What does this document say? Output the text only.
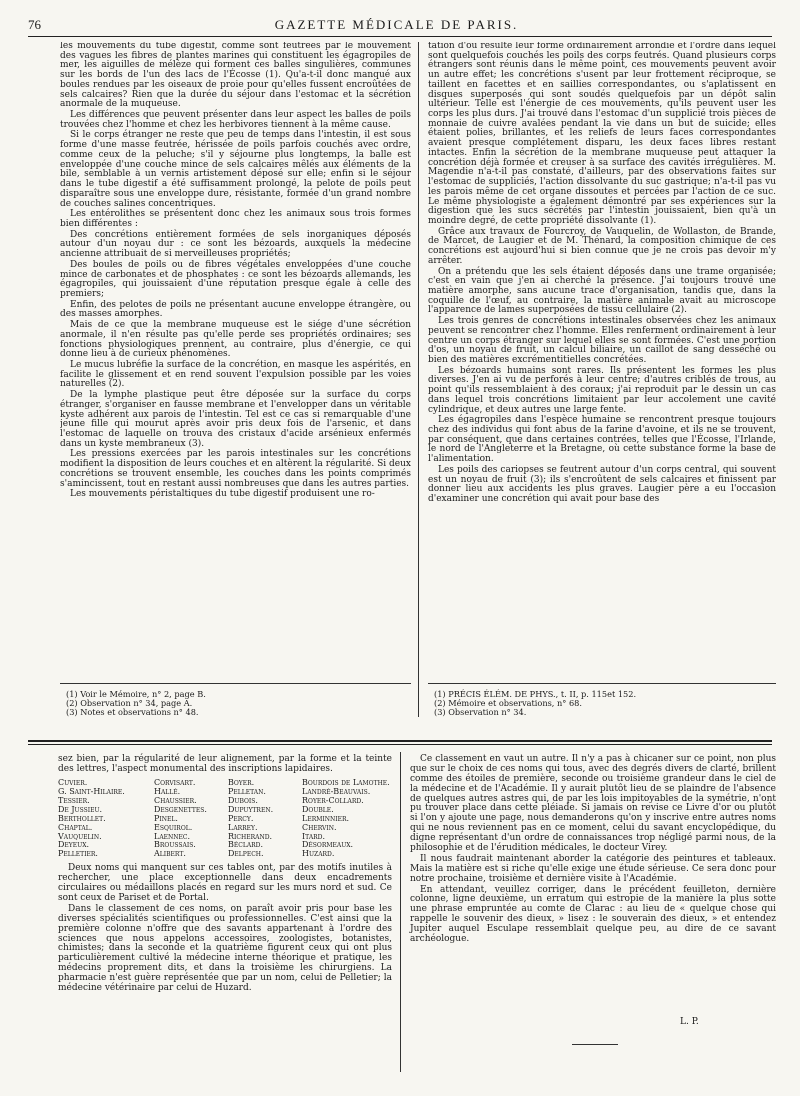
76	GAZETTE MÉDICALE DE PARIS.

les mouvements du tube digestif, comme sont feutrées par le mouvement des vagues les fibres de plantes marines qui constituent les égagropiles de mer, les aiguilles de mélèze qui forment ces balles singulières, communes sur les bords de l'un des lacs de l'Écosse (1). Qu'a-t-il donc manqué aux boules rendues par les oiseaux de proie pour qu'elles fussent encroûtées de sels calcaires? Rien que la durée du séjour dans l'estomac et la sécrétion anormale de la muqueuse.

Les différences que peuvent présenter dans leur aspect les balles de poils trouvées chez l'homme et chez les herbivores tiennent à la même cause.

Si le corps étranger ne reste que peu de temps dans l'intestin, il est sous forme d'une masse feutrée, hérissée de poils parfois couchés avec ordre, comme ceux de la peluche; s'il y séjourne plus longtemps, la balle est enveloppée d'une couche mince de sels calcaires mêlés aux éléments de la bile, semblable à un vernis artistement déposé sur elle; enfin si le séjour dans le tube digestif a été suffisamment prolongé, la pelote de poils peut disparaître sous une enveloppe dure, résistante, formée d'un grand nombre de couches salines concentriques.

Les entérolithes se présentent donc chez les animaux sous trois formes bien différentes :

Des concrétions entièrement formées de sels inorganiques déposés autour d'un noyau dur : ce sont les bézoards, auxquels la médecine ancienne attribuait de si merveilleuses propriétés;

Des boules de poils ou de fibres végétales enveloppées d'une couche mince de carbonates et de phosphates : ce sont les bézoards allemands, les égagropiles, qui jouissaient d'une réputation presque égale à celle des premiers;

Enfin, des pelotes de poils ne présentant aucune enveloppe étrangère, ou des masses amorphes.

Mais de ce que la membrane muqueuse est le siége d'une sécrétion anormale, il n'en résulte pas qu'elle perde ses propriétés ordinaires; ses fonctions physiologiques prennent, au contraire, plus d'énergie, ce qui donne lieu à de curieux phénomènes.

Le mucus lubréfie la surface de la concrétion, en masque les aspérités, en facilite le glissement et en rend souvent l'expulsion possible par les voies naturelles (2).

De la lymphe plastique peut être déposée sur la surface du corps étranger, s'organiser en fausse membrane et l'envelopper dans un véritable kyste adhérent aux parois de l'intestin. Tel est ce cas si remarquable d'une jeune fille qui mourut après avoir pris deux fois de l'arsenic, et dans l'estomac de laquelle on trouva des cristaux d'acide arsénieux enfermés dans un kyste membraneux (3).

Les pressions exercées par les parois intestinales sur les concrétions modifient la disposition de leurs couches et en altèrent la régularité. Si deux concrétions se trouvent ensemble, les couches dans les points comprimés s'amincissent, tout en restant aussi nombreuses que dans les autres parties.

Les mouvements péristaltiques du tube digestif produisent une ro-

tation d'où résulte leur forme ordinairement arrondie et l'ordre dans lequel sont quelquefois couchés les poils des corps feutrés. Quand plusieurs corps étrangers sont réunis dans le même point, ces mouvements peuvent avoir un autre effet; les concrétions s'usent par leur frottement réciproque, se taillent en facettes et en saillies correspondantes, ou s'aplatissent en disques superposés qui sont soudés quelquefois par un dépôt salin ultérieur. Telle est l'énergie de ces mouvements, qu'ils peuvent user les corps les plus durs. J'ai trouvé dans l'estomac d'un supplicié trois pièces de monnaie de cuivre avalées pendant la vie dans un but de suicide; elles étaient polies, brillantes, et les reliefs de leurs faces correspondantes avaient presque complétement disparu, les deux faces libres restant intactes. Enfin la sécrétion de la membrane muqueuse peut attaquer la concrétion déjà formée et creuser à sa surface des cavités irrégulières. M. Magendie n'a-t-il pas constaté, d'ailleurs, par des observations faites sur l'estomac de suppliciés, l'action dissolvante du suc gastrique; n'a-t-il pas vu les parois même de cet organe dissoutes et percées par l'action de ce suc. Le même physiologiste a également démontré par ses expériences sur la digestion que les sucs sécrétés par l'intestin jouissaient, bien qu'à un moindre degré, de cette propriété dissolvante (1).

Grâce aux travaux de Fourcroy, de Vauquelin, de Wollaston, de Brande, de Marcet, de Laugier et de M. Thénard, la composition chimique de ces concrétions est aujourd'hui si bien connue que je ne crois pas devoir m'y arrêter.

On a prétendu que les sels étaient déposés dans une trame organisée; c'est en vain que j'en ai cherché la présence. J'ai toujours trouvé une matière amorphe, sans aucune trace d'organisation, tandis que, dans la coquille de l'œuf, au contraire, la matière animale avait au microscope l'apparence de lames superposées de tissu cellulaire (2).

Les trois genres de concrétions intestinales observées chez les animaux peuvent se rencontrer chez l'homme. Elles renferment ordinairement à leur centre un corps étranger sur lequel elles se sont formées. C'est une portion d'os, un noyau de fruit, un calcul biliaire, un caillot de sang desséché ou bien des matières excrémentitielles concrétées.

Les bézoards humains sont rares. Ils présentent les formes les plus diverses. J'en ai vu de perforés à leur centre; d'autres criblés de trous, au point qu'ils ressemblaient à des coraux; j'ai reproduit par le dessin un cas dans lequel trois concrétions limitaient par leur accolement une cavité cylindrique, et deux autres une large fente.

Les égagropiles dans l'espèce humaine se rencontrent presque toujours chez des individus qui font abus de la farine d'avoine, et ils ne se trouvent, par conséquent, que dans certaines contrées, telles que l'Écosse, l'Irlande, le nord de l'Angleterre et la Bretagne, où cette substance forme la base de l'alimentation.

Les poils des cariopses se feutrent autour d'un corps central, qui souvent est un noyau de fruit (3); ils s'encroûtent de sels calcaires et finissent par donner lieu aux accidents les plus graves. Laugier père a eu l'occasion d'examiner une concrétion qui avait pour base des

(1) Voir le Mémoire, n° 2, page B.
(2) Observation n° 34, page A.
(3) Notes et observations n° 48.
(1) PRÉCIS ÉLÉM. DE PHYS., t. II, p. 115et 152.
(2) Mémoire et observations, n° 68.
(3) Observation n° 34.

sez bien, par la régularité de leur alignement, par la forme et la teinte des lettres, l'aspect monumental des inscriptions lapidaires.

Cuvier.	Corvisart.	Boyer.	Bourdois de Lamothe.
G. Saint-Hilaire.	Hallé.	Pelletan.	Landré-Beauvais.
Tessier.	Chaussier.	Dubois.	Royer-Collard.
De Jussieu.	Desgenettes.	Dupuytren.	Double.
Berthollet.	Pinel.	Percy.	Lerminnier.
Chaptal.	Esquirol.	Larrey.	Chervin.
Vauquelin.	Laennec.	Richerand.	Itard.
Deyeux.	Broussais.	Béclard.	Désormeaux.
Pelletier.	Alibert.	Delpech.	Huzard.

Deux noms qui manquent sur ces tables ont, par des motifs inutiles à rechercher, une place exceptionnelle dans deux encadrements circulaires ou médaillons placés en regard sur les murs nord et sud. Ce sont ceux de Pariset et de Portal.

Dans le classement de ces noms, on paraît avoir pris pour base les diverses spécialités scientifiques ou professionnelles. C'est ainsi que la première colonne n'offre que des savants appartenant à l'ordre des sciences que nous appelons accessoires, zoologistes, botanistes, chimistes; dans la seconde et la quatrième figurent ceux qui ont plus particulièrement cultivé la médecine interne théorique et pratique, les médecins proprement dits, et dans la troisième les chirurgiens. La pharmacie n'est guère représentée que par un nom, celui de Pelletier; la médecine vétérinaire par celui de Huzard.

Ce classement en vaut un autre. Il n'y a pas à chicaner sur ce point, non plus que sur le choix de ces noms qui tous, avec des degrés divers de clarté, brillent comme des étoiles de première, seconde ou troisième grandeur dans le ciel de la médecine et de l'Académie. Il y aurait plutôt lieu de se plaindre de l'absence de quelques autres astres qui, de par les lois impitoyables de la symétrie, n'ont pu trouver place dans cette pléiade. Si jamais on revise ce Livre d'or ou plutôt si l'on y ajoute une page, nous demanderons qu'on y inscrive entre autres noms qui ne nous reviennent pas en ce moment, celui du savant encyclopédique, du digne représentant d'un ordre de connaissances trop négligé parmi nous, de la philosophie et de l'érudition médicales, le docteur Virey.

Il nous faudrait maintenant aborder la catégorie des peintures et tableaux. Mais la matière est si riche qu'elle exige une étude sérieuse. Ce sera donc pour notre prochaine, troisième et dernière visite à l'Académie.

En attendant, veuillez corriger, dans le précédent feuilleton, dernière colonne, ligne deuxième, un erratum qui estropie de la manière la plus sotte une phrase empruntée au comte de Clarac : au lieu de « quelque chose qui rappelle le souvenir des dieux, » lisez : le souverain des dieux, » et entendez Jupiter auquel Esculape ressemblait quelque peu, au dire de ce savant archéologue.

L. P.
